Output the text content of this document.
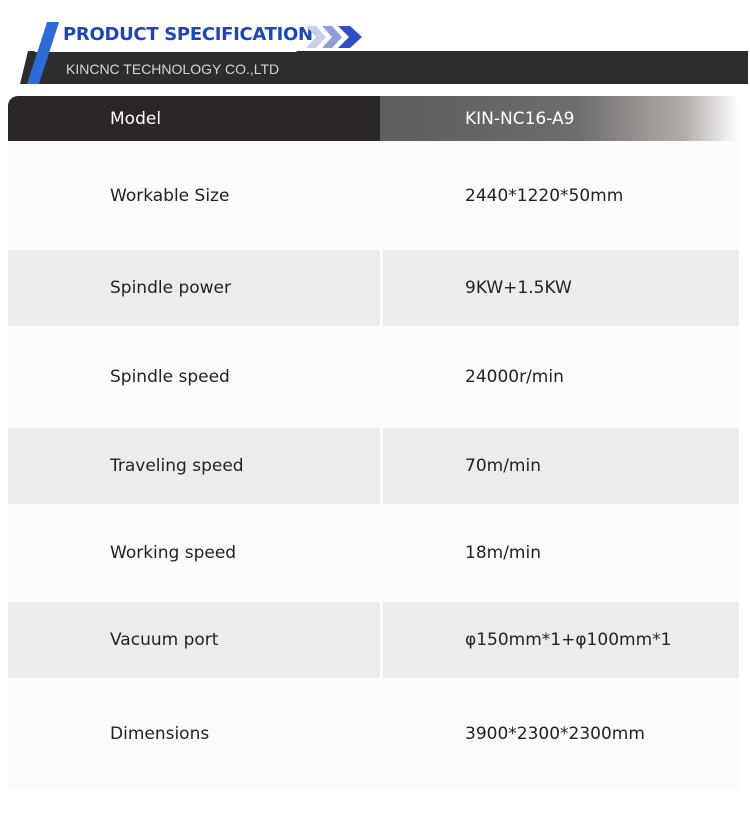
PRODUCT SPECIFICATION
KINCNC TECHNOLOGY CO.,LTD
Model	KIN-NC16-A9
Workable Size	2440*1220*50mm
Spindle power	9KW+1.5KW
Spindle speed	24000r/min
Traveling speed	70m/min
Working speed	18m/min
Vacuum port	φ150mm*1+φ100mm*1
Dimensions	3900*2300*2300mm
